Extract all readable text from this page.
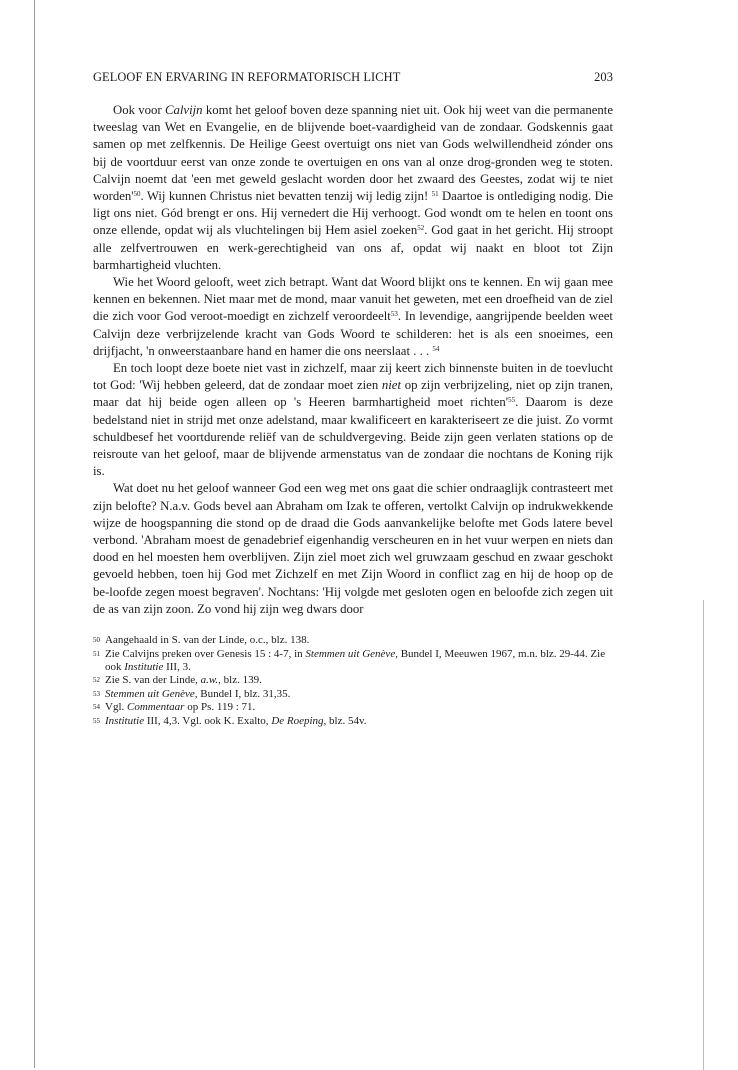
GELOOF EN ERVARING IN REFORMATORISCH LICHT	203

Ook voor Calvijn komt het geloof boven deze spanning niet uit. Ook hij weet van die permanente tweeslag van Wet en Evangelie, en de blijvende boet-vaardigheid van de zondaar. Godskennis gaat samen op met zelfkennis. De Heilige Geest overtuigt ons niet van Gods welwillendheid zónder ons bij de voortduur eerst van onze zonde te overtuigen en ons van al onze drog-gronden weg te stoten. Calvijn noemt dat 'een met geweld geslacht worden door het zwaard des Geestes, zodat wij te niet $worden'^{50}$. Wij kunnen Christus niet bevatten tenzij wij ledig zijn! $^{51}$ Daartoe is ontlediging nodig. Die ligt ons niet. Gód brengt er ons. Hij vernedert die Hij verhoogt. God wondt om te helen en toont ons onze ellende, opdat wij als vluchtelingen bij Hem asiel zoeken$^{52}$. God gaat in het gericht. Hij stroopt alle zelfvertrouwen en werk-gerechtigheid van ons af, opdat wij naakt en bloot tot Zijn barmhartigheid vluchten.

Wie het Woord gelooft, weet zich betrapt. Want dat Woord blijkt ons te kennen. En wij gaan mee kennen en bekennen. Niet maar met de mond, maar vanuit het geweten, met een droefheid van de ziel die zich voor God veroot-moedigt en zichzelf veroordeelt$^{53}$. In levendige, aangrijpende beelden weet Calvijn deze verbrijzelende kracht van Gods Woord te schilderen: het is als een snoeimes, een drijfjacht, 'n onweerstaanbare hand en hamer die ons neerslaat . . . $^{54}$

En toch loopt deze boete niet vast in zichzelf, maar zij keert zich binnenste buiten in de toevlucht tot God: 'Wij hebben geleerd, dat de zondaar moet zien niet op zijn verbrijzeling, niet op zijn tranen, maar dat hij beide ogen alleen op 's Heeren barmhartigheid moet $richten'^{55}$. Daarom is deze bedelstand niet in strijd met onze adelstand, maar kwalificeert en karakteriseert ze die juist. Zo vormt schuldbesef het voortdurende reliëf van de schuldvergeving. Beide zijn geen verlaten stations op de reisroute van het geloof, maar de blijvende armenstatus van de zondaar die nochtans de Koning rijk is.

Wat doet nu het geloof wanneer God een weg met ons gaat die schier ondraaglijk contrasteert met zijn belofte? N.a.v. Gods bevel aan Abraham om Izak te offeren, vertolkt Calvijn op indrukwekkende wijze de hoogspanning die stond op de draad die Gods aanvankelijke belofte met Gods latere bevel verbond. 'Abraham moest de genadebrief eigenhandig verscheuren en in het vuur werpen en niets dan dood en hel moesten hem overblijven. Zijn ziel moet zich wel gruwzaam geschud en zwaar geschokt gevoeld hebben, toen hij God met Zichzelf en met Zijn Woord in conflict zag en hij de hoop op de be-loofde zegen moest begraven'. Nochtans: 'Hij volgde met gesloten ogen en beloofde zich zegen uit de as van zijn zoon. Zo vond hij zijn weg dwars door

50 Aangehaald in S. van der Linde, o.c., blz. 138.
51 Zie Calvijns preken over Genesis 15 : 4-7, in Stemmen uit Genève, Bundel I, Meeuwen 1967, m.n. blz. 29-44. Zie ook Institutie III, 3.
52 Zie S. van der Linde, a.w., blz. 139.
53 Stemmen uit Genève, Bundel I, blz. 31,35.
54 Vgl. Commentaar op Ps. 119 : 71.
55 Institutie III, 4,3. Vgl. ook K. Exalto, De Roeping, blz. 54v.
